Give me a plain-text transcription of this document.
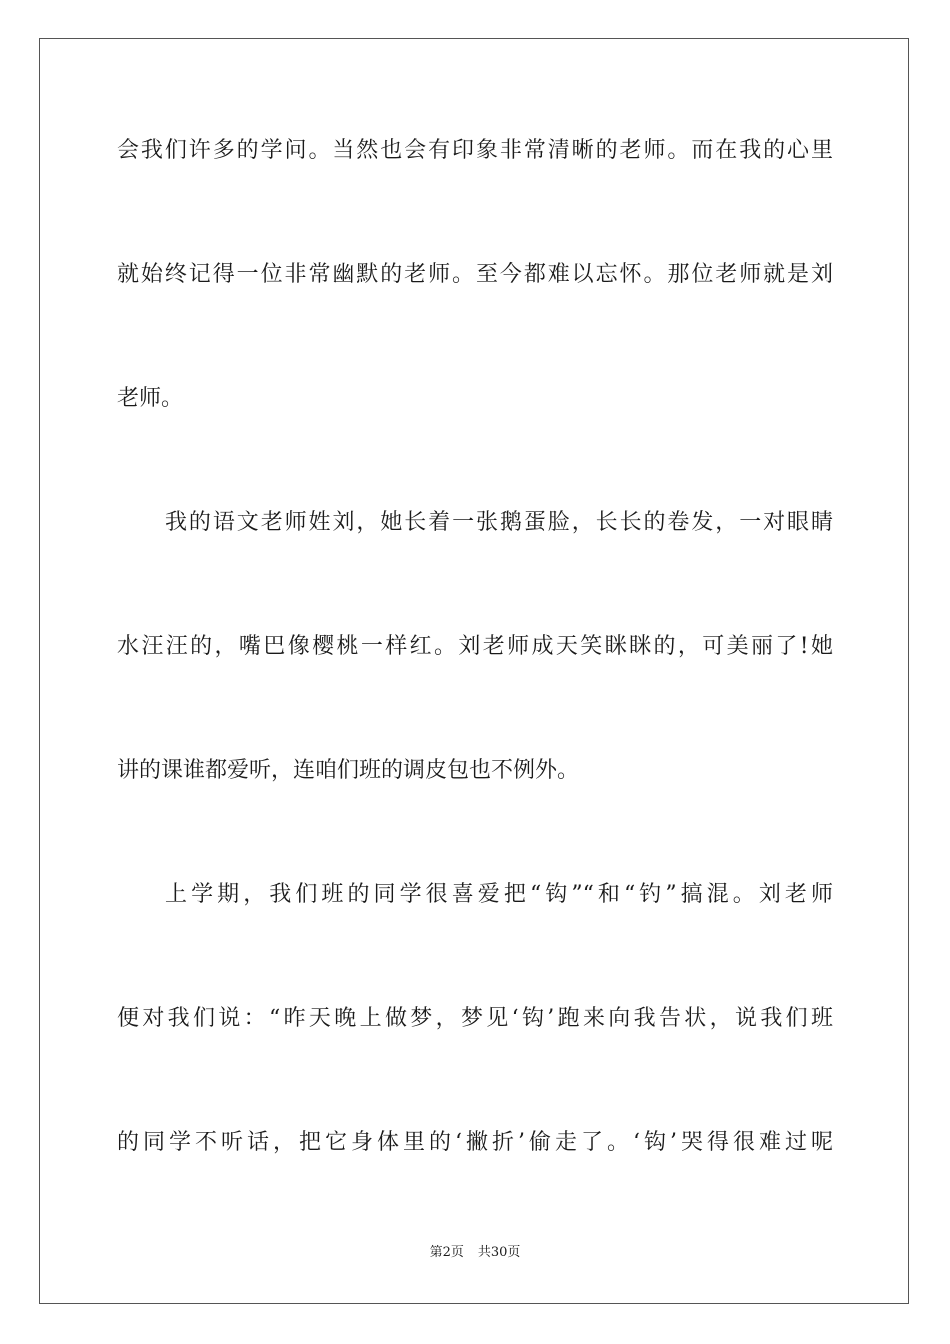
会我们许多的学问。当然也会有印象非常清晰的老师。而在我的心里
就始终记得一位非常幽默的老师。至今都难以忘怀。那位老师就是刘
老师。
我的语文老师姓刘，她长着一张鹅蛋脸，长长的卷发，一对眼睛
水汪汪的，嘴巴像樱桃一样红。刘老师成天笑眯眯的，可美丽了!她
讲的课谁都爱听，连咱们班的调皮包也不例外。
上学期，我们班的同学很喜爱把“钩”“和“钓”搞混。刘老师
便对我们说：“昨天晚上做梦，梦见‘钩’跑来向我告状，说我们班
的同学不听话，把它身体里的‘撇折’偷走了。‘钩’哭得很难过呢
第2页 共30页
